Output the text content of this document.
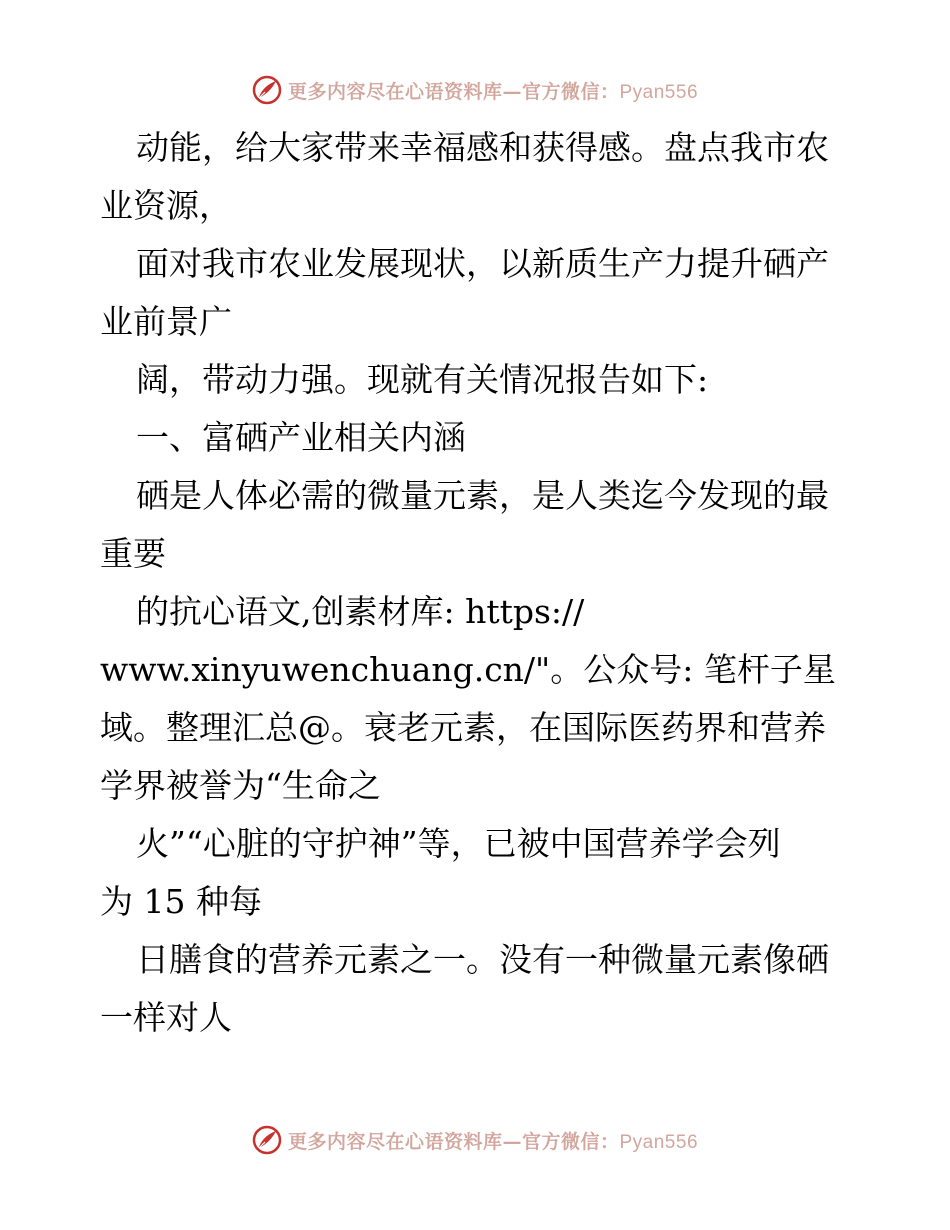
更多内容尽在心语资料库—官方微信：Pyan556
动能，给大家带来幸福感和获得感。盘点我市农
业资源，
面对我市农业发展现状，以新质生产力提升硒产
业前景广
阔，带动力强。现就有关情况报告如下:
一、富硒产业相关内涵
硒是人体必需的微量元素，是人类迄今发现的最
重要
的抗心语文,创素材库: https://
www.xinyuwenchuang.cn/"。公众号: 笔杆子星
域。整理汇总@。衰老元素，在国际医药界和营养
学界被誉为“生命之
火”“心脏的守护神”等，已被中国营养学会列
为 15 种每
日膳食的营养元素之一。没有一种微量元素像硒
一样对人
更多内容尽在心语资料库—官方微信：Pyan556
